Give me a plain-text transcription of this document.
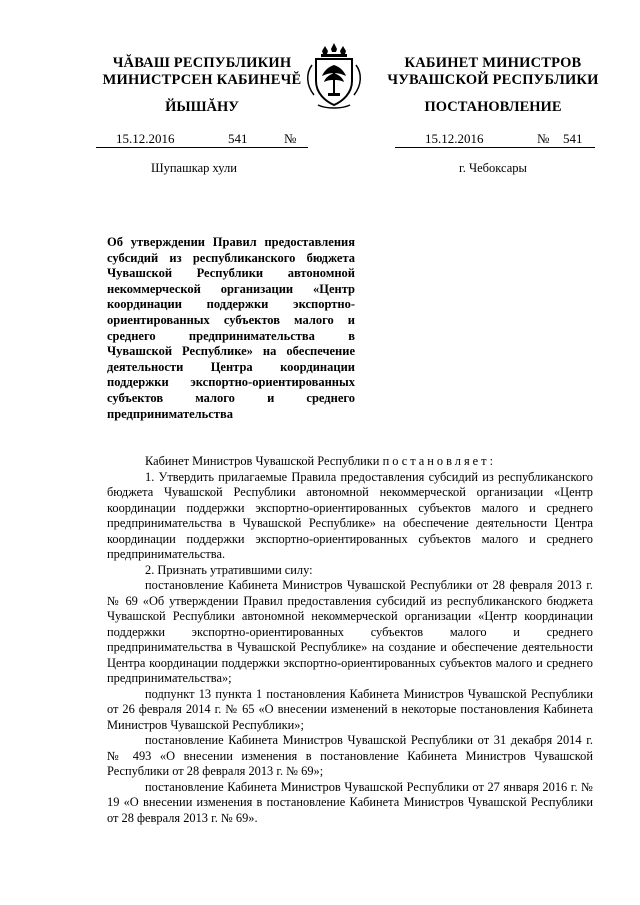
ЧĂВАШ РЕСПУБЛИКИН
МИНИСТРСЕН КАБИНЕЧĔ
ЙЫШĂНУ
КАБИНЕТ МИНИСТРОВ
ЧУВАШСКОЙ РЕСПУБЛИКИ
ПОСТАНОВЛЕНИЕ
15.12.2016	541	№	15.12.2016	№ 541
Шупашкар хули	г. Чебоксары
Об утверждении Правил предоставления субсидий из республиканского бюджета Чувашской Республики автономной некоммерческой организации «Центр координации поддержки экспортно-ориентированных субъектов малого и среднего предпринимательства в Чувашской Республике» на обеспечение деятельности Центра координации поддержки экспортно-ориентированных субъектов малого и среднего предпринимательства

Кабинет Министров Чувашской Республики постановляет:

1. Утвердить прилагаемые Правила предоставления субсидий из республиканского бюджета Чувашской Республики автономной некоммерческой организации «Центр координации поддержки экспортно-ориентированных субъектов малого и среднего предпринимательства в Чувашской Республике» на обеспечение деятельности Центра координации поддержки экспортно-ориентированных субъектов малого и среднего предпринимательства.

2. Признать утратившими силу:

постановление Кабинета Министров Чувашской Республики от 28 февраля 2013 г. № 69 «Об утверждении Правил предоставления субсидий из республиканского бюджета Чувашской Республики автономной некоммерческой организации «Центр координации поддержки экспортно-ориентированных субъектов малого и среднего предпринимательства в Чувашской Республике» на создание и обеспечение деятельности Центра координации поддержки экспортно-ориентированных субъектов малого и среднего предпринимательства»;

подпункт 13 пункта 1 постановления Кабинета Министров Чувашской Республики от 26 февраля 2014 г. № 65 «О внесении изменений в некоторые постановления Кабинета Министров Чувашской Республики»;

постановление Кабинета Министров Чувашской Республики от 31 декабря 2014 г. № 493 «О внесении изменения в постановление Кабинета Министров Чувашской Республики от 28 февраля 2013 г. № 69»;

постановление Кабинета Министров Чувашской Республики от 27 января 2016 г. № 19 «О внесении изменения в постановление Кабинета Министров Чувашской Республики от 28 февраля 2013 г. № 69».
